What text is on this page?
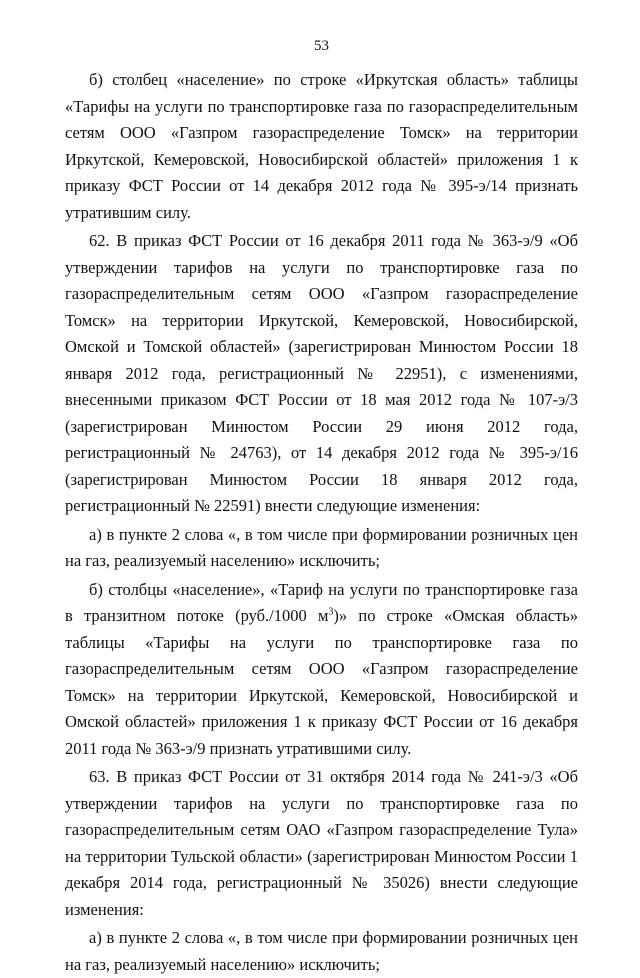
53

б) столбец «население» по строке «Иркутская область» таблицы «Тарифы на услуги по транспортировке газа по газораспределительным сетям ООО «Газпром газораспределение Томск» на территории Иркутской, Кемеровской, Новосибирской областей» приложения 1 к приказу ФСТ России от 14 декабря 2012 года № 395-э/14 признать утратившим силу.

62. В приказ ФСТ России от 16 декабря 2011 года № 363-э/9 «Об утверждении тарифов на услуги по транспортировке газа по газораспределительным сетям ООО «Газпром газораспределение Томск» на территории Иркутской, Кемеровской, Новосибирской, Омской и Томской областей» (зарегистрирован Минюстом России 18 января 2012 года, регистрационный № 22951), с изменениями, внесенными приказом ФСТ России от 18 мая 2012 года № 107-э/3 (зарегистрирован Минюстом России 29 июня 2012 года, регистрационный № 24763), от 14 декабря 2012 года № 395-э/16 (зарегистрирован Минюстом России 18 января 2012 года, регистрационный № 22591) внести следующие изменения:

а) в пункте 2 слова «, в том числе при формировании розничных цен на газ, реализуемый населению» исключить;

б) столбцы «население», «Тариф на услуги по транспортировке газа в транзитном потоке (руб./1000 $м^3$)» по строке «Омская область» таблицы «Тарифы на услуги по транспортировке газа по газораспределительным сетям ООО «Газпром газораспределение Томск» на территории Иркутской, Кемеровской, Новосибирской и Омской областей» приложения 1 к приказу ФСТ России от 16 декабря 2011 года № 363-э/9 признать утратившими силу.

63. В приказ ФСТ России от 31 октября 2014 года № 241-э/3 «Об утверждении тарифов на услуги по транспортировке газа по газораспределительным сетям ОАО «Газпром газораспределение Тула» на территории Тульской области» (зарегистрирован Минюстом России 1 декабря 2014 года, регистрационный № 35026) внести следующие изменения:

а) в пункте 2 слова «, в том числе при формировании розничных цен на газ, реализуемый населению» исключить;
